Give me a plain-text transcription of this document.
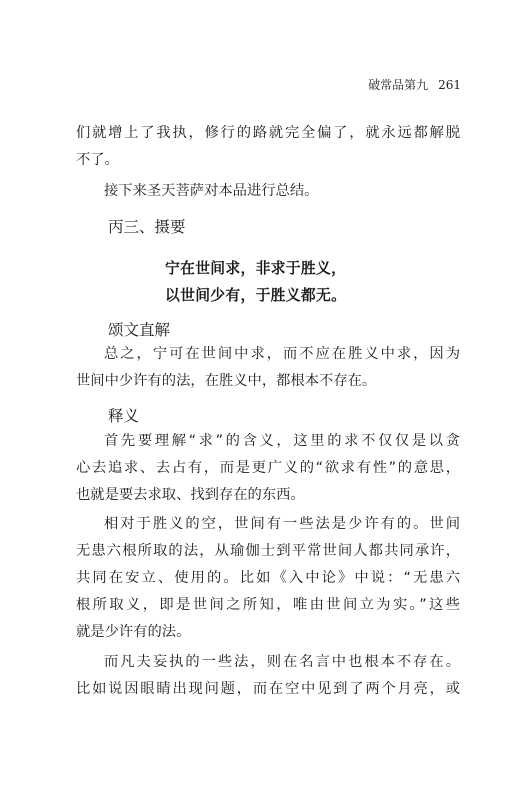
破常品第九 261
们就增上了我执，修行的路就完全偏了，就永远都解脱
不了。
接下来圣天菩萨对本品进行总结。
丙三、摄要
宁在世间求，非求于胜义，
以世间少有，于胜义都无。
颂文直解
总之，宁可在世间中求，而不应在胜义中求，因为
世间中少许有的法，在胜义中，都根本不存在。
释义
首先要理解“求”的含义，这里的求不仅仅是以贪
心去追求、去占有，而是更广义的“欲求有性”的意思，
也就是要去求取、找到存在的东西。
相对于胜义的空，世间有一些法是少许有的。世间
无患六根所取的法，从瑜伽士到平常世间人都共同承许，
共同在安立、使用的。比如《入中论》中说：“无患六
根所取义，即是世间之所知，唯由世间立为实。”这些
就是少许有的法。
而凡夫妄执的一些法，则在名言中也根本不存在。
比如说因眼睛出现问题，而在空中见到了两个月亮，或
